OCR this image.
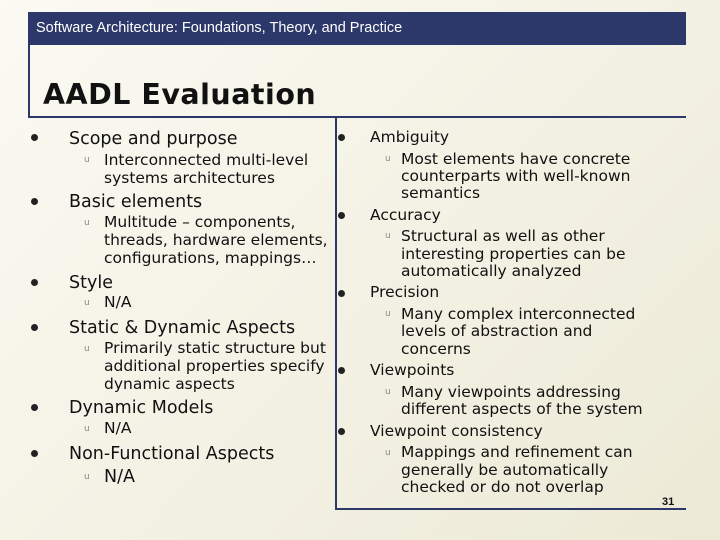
Software Architecture: Foundations, Theory, and Practice
AADL Evaluation
31
Scope and purpose
u Interconnected multi-level
systems architectures
Basic elements
u Multitude – components,
threads, hardware elements,
configurations, mappings…
Style
u N/A
Static & Dynamic Aspects
u Primarily static structure but
additional properties specify
dynamic aspects
Dynamic Models
u N/A
Non-Functional Aspects
u N/A
Ambiguity
u Most elements have concrete
counterparts with well-known
semantics
Accuracy
u Structural as well as other
interesting properties can be
automatically analyzed
Precision
u Many complex interconnected
levels of abstraction and
concerns
Viewpoints
u Many viewpoints addressing
different aspects of the system
Viewpoint consistency
u Mappings and refinement can
generally be automatically
checked or do not overlap
